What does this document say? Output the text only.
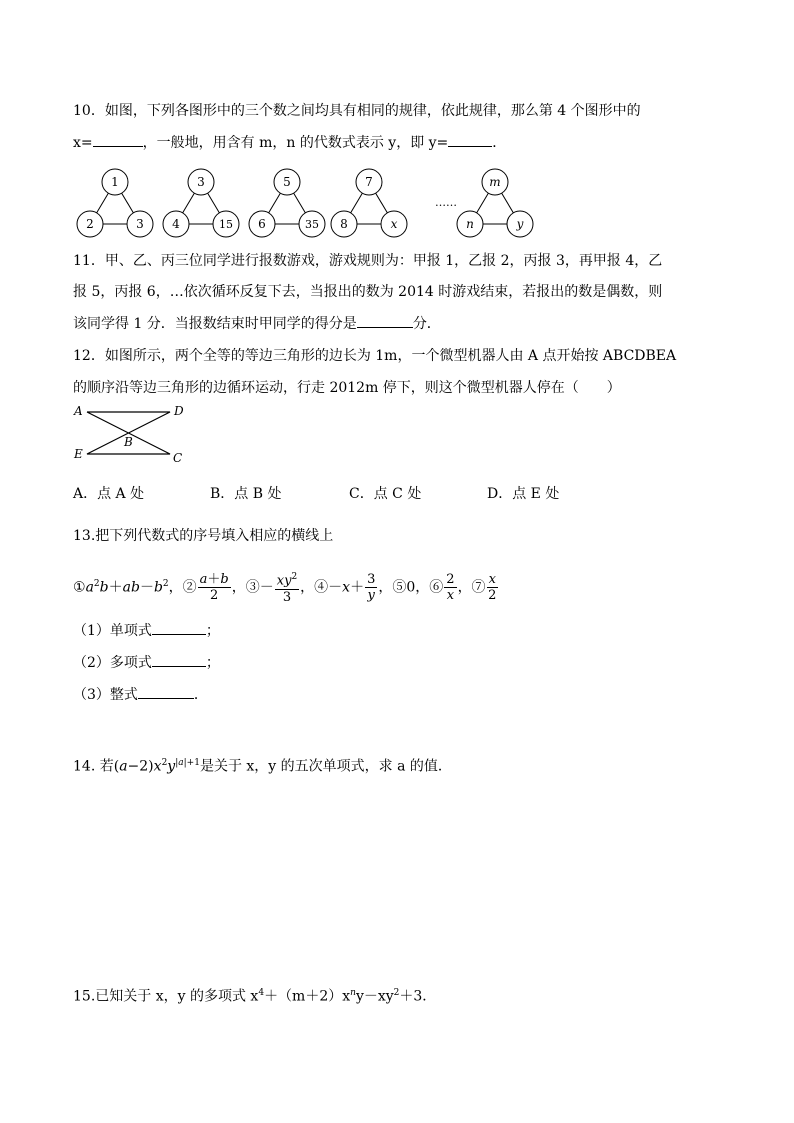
10．如图，下列各图形中的三个数之间均具有相同的规律，依此规律，那么第 4 个图形中的
x=	，一般地，用含有 m，n 的代数式表示 y，即 y=	．
1
2	3
3
4	15
5
6	35
7
8	x
……
m
n	y
11．甲、乙、丙三位同学进行报数游戏，游戏规则为：甲报 1，乙报 2，丙报 3，再甲报 4，乙
报 5，丙报 6，…依次循环反复下去，当报出的数为 2014 时游戏结束，若报出的数是偶数，则
该同学得 1 分．当报数结束时甲同学的得分是	分．
12．如图所示，两个全等的等边三角形的边长为 1m，一个微型机器人由 A 点开始按 ABCDBEA
的顺序沿等边三角形的边循环运动，行走 2012m 停下，则这个微型机器人停在（　　）
A	D
B
E	C
A．点 A 处	B．点 B 处	C．点 C 处	D．点 E 处
13.把下列代数式的序号填入相应的横线上
$①a^2b+ab-b^2$，② $\frac{a+b}{2}$ ，③－ $\frac{xy^2}{3}$ ，④－x＋ $\frac{3}{y}$ ，⑤0，⑥ $\frac{2}{x}$ ，⑦ $\frac{x}{2}$
（1）单项式	；
（2）多项式	；
（3）整式	．
14. 若$(a-2)x^2y^{|a|+1}$是关于 x，y 的五次单项式，求 a 的值．
15.已知关于 x，y 的多项式 $x^4+(m+2)x^ny-xy^2+3$．
